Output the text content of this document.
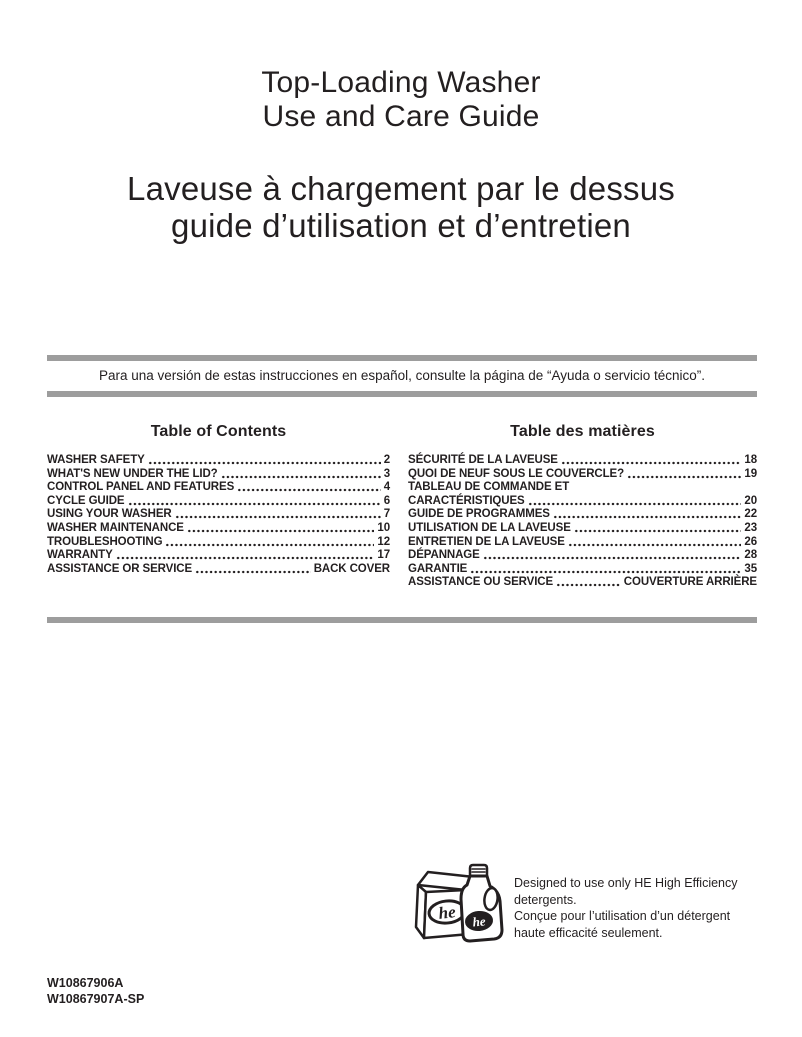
Top-Loading Washer
Use and Care Guide
Laveuse à chargement par le dessus
guide d’utilisation et d’entretien
Para una versión de estas instrucciones en español, consulte la página de “Ayuda o servicio técnico”.
Table of Contents
WASHER SAFETY	2
WHAT'S NEW UNDER THE LID?	3
CONTROL PANEL AND FEATURES	4
CYCLE GUIDE	6
USING YOUR WASHER	7
WASHER MAINTENANCE	10
TROUBLESHOOTING	12
WARRANTY	17
ASSISTANCE OR SERVICE	BACK COVER
Table des matières
SÉCURITÉ DE LA LAVEUSE	18
QUOI DE NEUF SOUS LE COUVERCLE?	19
TABLEAU DE COMMANDE ET
CARACTÉRISTIQUES	20
GUIDE DE PROGRAMMES	22
UTILISATION DE LA LAVEUSE	23
ENTRETIEN DE LA LAVEUSE	26
DÉPANNAGE	28
GARANTIE	35
ASSISTANCE OU SERVICE	COUVERTURE ARRIÈRE
he he
Designed to use only HE High Efficiency
detergents.
Conçue pour l’utilisation d’un détergent
haute efficacité seulement.
W10867906A
W10867907A-SP
